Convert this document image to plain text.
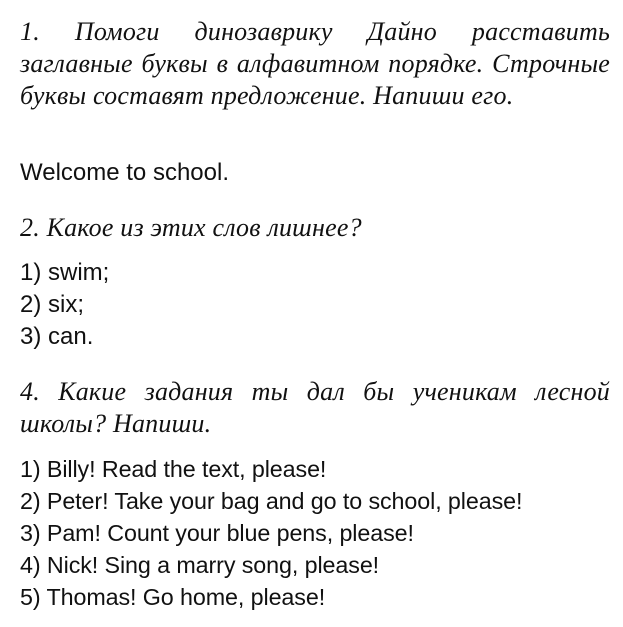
1. Помоги динозаврику Дайно расставить заглавные буквы в алфавитном порядке. Строчные буквы составят предложение. Напиши его.

Welcome to school.

2. Какое из этих слов лишнее?

1) swim;
2) six;
3) can.

4. Какие задания ты дал бы ученикам лесной школы? Напиши.

1) Billy! Read the text, please!
2) Peter! Take your bag and go to school, please!
3) Pam! Count your blue pens, please!
4) Nick! Sing a marry song, please!
5) Thomas! Go home, please!
